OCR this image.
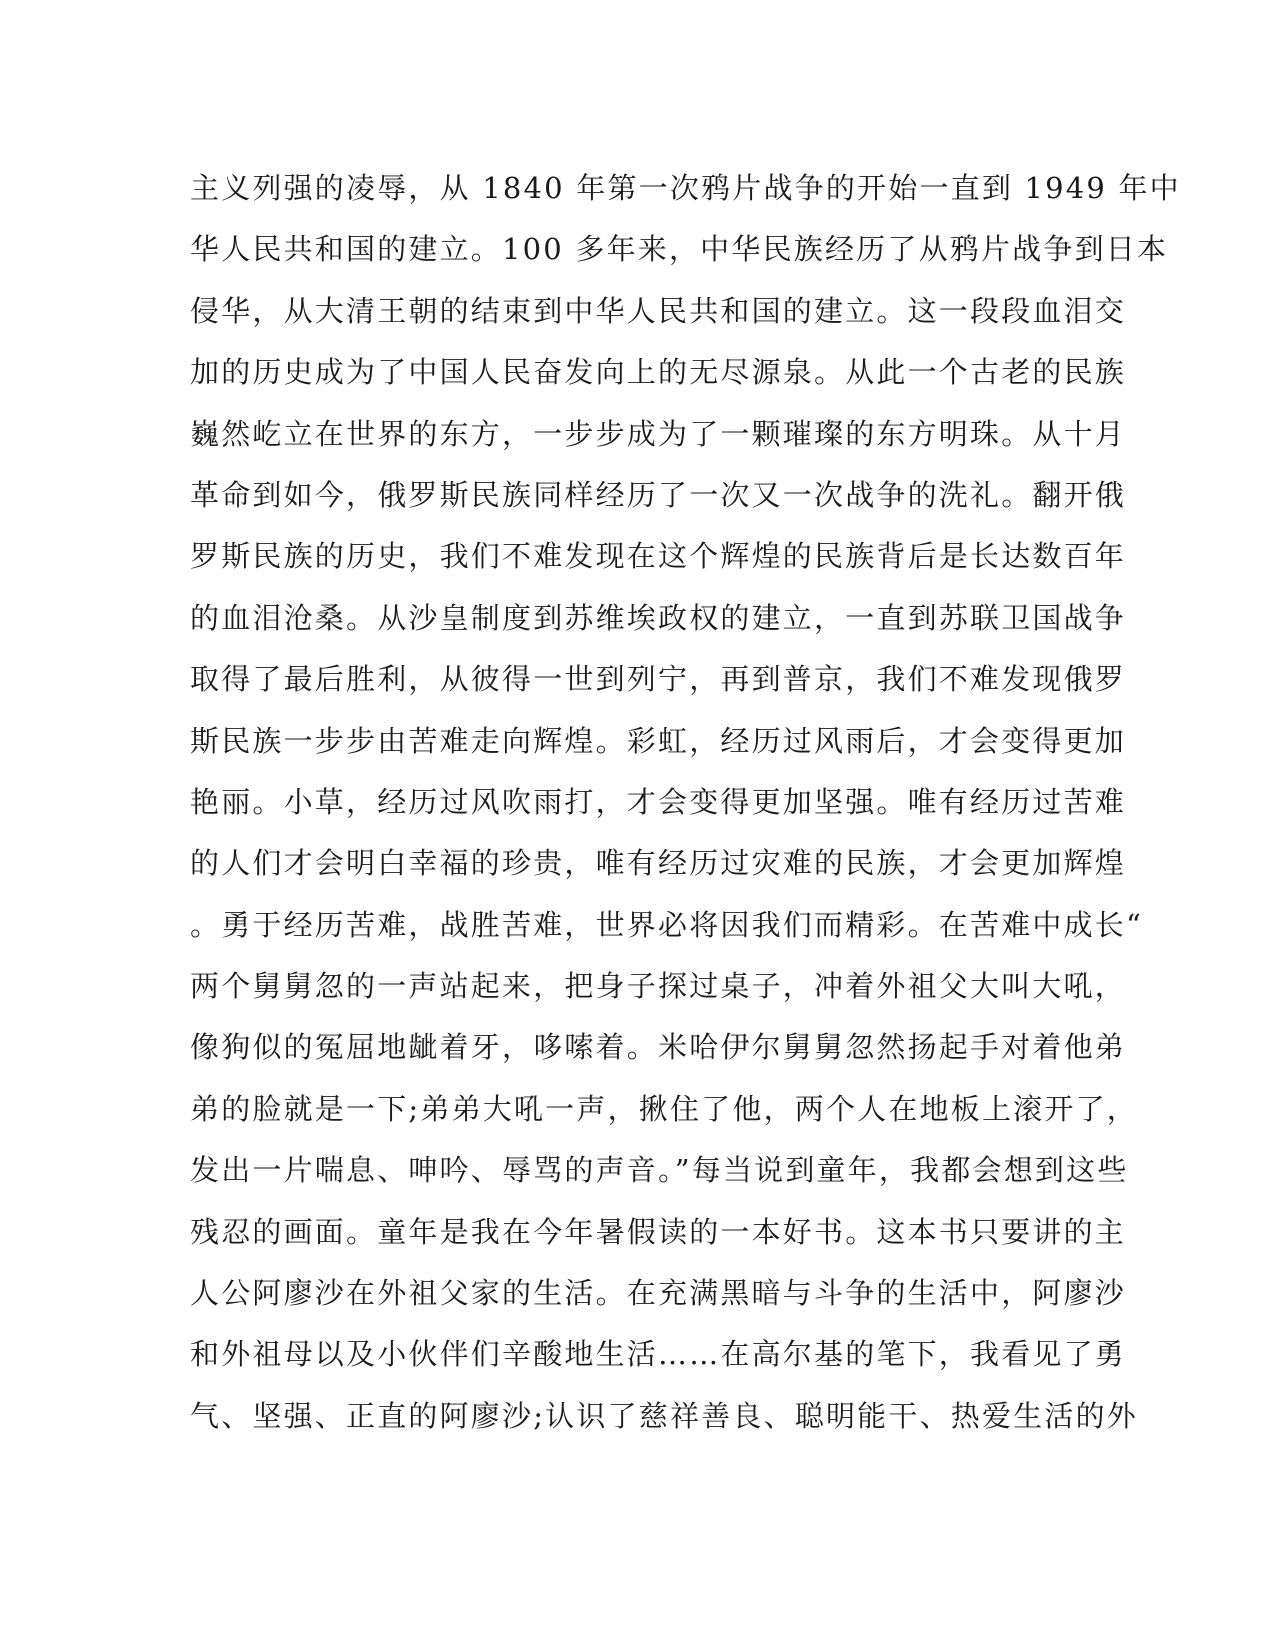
主义列强的凌辱，从 1840 年第一次鸦片战争的开始一直到 1949 年中
华人民共和国的建立。100 多年来，中华民族经历了从鸦片战争到日本
侵华，从大清王朝的结束到中华人民共和国的建立。这一段段血泪交
加的历史成为了中国人民奋发向上的无尽源泉。从此一个古老的民族
巍然屹立在世界的东方，一步步成为了一颗璀璨的东方明珠。从十月
革命到如今，俄罗斯民族同样经历了一次又一次战争的洗礼。翻开俄
罗斯民族的历史，我们不难发现在这个辉煌的民族背后是长达数百年
的血泪沧桑。从沙皇制度到苏维埃政权的建立，一直到苏联卫国战争
取得了最后胜利，从彼得一世到列宁，再到普京，我们不难发现俄罗
斯民族一步步由苦难走向辉煌。彩虹，经历过风雨后，才会变得更加
艳丽。小草，经历过风吹雨打，才会变得更加坚强。唯有经历过苦难
的人们才会明白幸福的珍贵，唯有经历过灾难的民族，才会更加辉煌
。勇于经历苦难，战胜苦难，世界必将因我们而精彩。在苦难中成长“
两个舅舅忽的一声站起来，把身子探过桌子，冲着外祖父大叫大吼，
像狗似的冤屈地龇着牙，哆嗦着。米哈伊尔舅舅忽然扬起手对着他弟
弟的脸就是一下;弟弟大吼一声，揪住了他，两个人在地板上滚开了，
发出一片喘息、呻吟、辱骂的声音。”每当说到童年，我都会想到这些
残忍的画面。童年是我在今年暑假读的一本好书。这本书只要讲的主
人公阿廖沙在外祖父家的生活。在充满黑暗与斗争的生活中，阿廖沙
和外祖母以及小伙伴们辛酸地生活……在高尔基的笔下，我看见了勇
气、坚强、正直的阿廖沙;认识了慈祥善良、聪明能干、热爱生活的外
